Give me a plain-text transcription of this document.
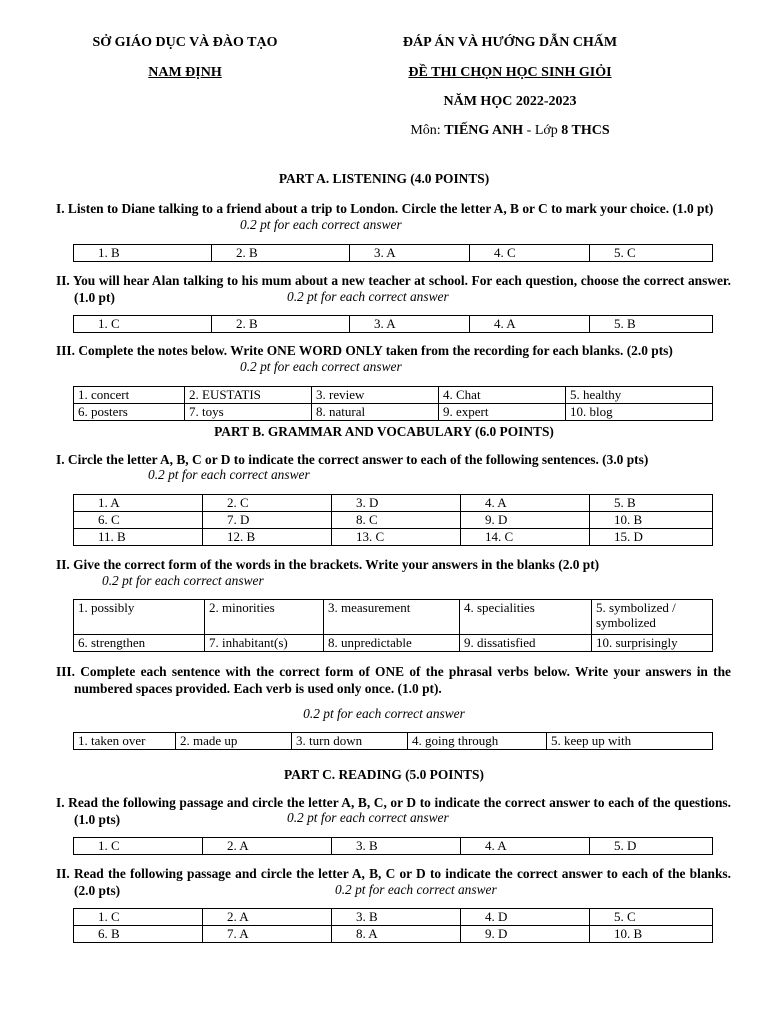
SỞ GIÁO DỤC VÀ ĐÀO TẠO
NAM ĐỊNH
ĐÁP ÁN VÀ HƯỚNG DẪN CHẤM
ĐỀ THI CHỌN HỌC SINH GIỎI
NĂM HỌC 2022-2023
Môn: TIẾNG ANH - Lớp 8 THCS
PART A. LISTENING (4.0 POINTS)
I. Listen to Diane talking to a friend about a trip to London. Circle the letter A, B or C to mark your choice. (1.0 pt)
0.2 pt for each correct answer
1. B	2. B	3. A	4. C	5. C
II. You will hear Alan talking to his mum about a new teacher at school. For each question, choose the correct answer. (1.0 pt)	0.2 pt for each correct answer
1. C	2. B	3. A	4. A	5. B
III. Complete the notes below. Write ONE WORD ONLY taken from the recording for each blanks. (2.0 pts)
0.2 pt for each correct answer
1. concert	2. EUSTATIS	3. review	4. Chat	5. healthy
6. posters	7. toys	8. natural	9. expert	10. blog
PART B. GRAMMAR AND VOCABULARY (6.0 POINTS)
I. Circle the letter A, B, C or D to indicate the correct answer to each of the following sentences. (3.0 pts)
0.2 pt for each correct answer
1. A	2. C	3. D	4. A	5. B
6. C	7. D	8. C	9. D	10. B
11. B	12. B	13. C	14. C	15. D
II. Give the correct form of the words in the brackets. Write your answers in the blanks (2.0 pt)
0.2 pt for each correct answer
1. possibly	2. minorities	3. measurement	4. specialities	5. symbolized / symbolized
6. strengthen	7. inhabitant(s)	8. unpredictable	9. dissatisfied	10. surprisingly
III. Complete each sentence with the correct form of ONE of the phrasal verbs below. Write your answers in the numbered spaces provided. Each verb is used only once. (1.0 pt).
0.2 pt for each correct answer
1. taken over	2. made up	3. turn down	4. going through	5. keep up with
PART C. READING (5.0 POINTS)
I. Read the following passage and circle the letter A, B, C, or D to indicate the correct answer to each of the questions. (1.0 pts)	0.2 pt for each correct answer
1. C	2. A	3. B	4. A	5. D
II. Read the following passage and circle the letter A, B, C or D to indicate the correct answer to each of the blanks. (2.0 pts)	0.2 pt for each correct answer
1. C	2. A	3. B	4. D	5. C
6. B	7. A	8. A	9. D	10. B
